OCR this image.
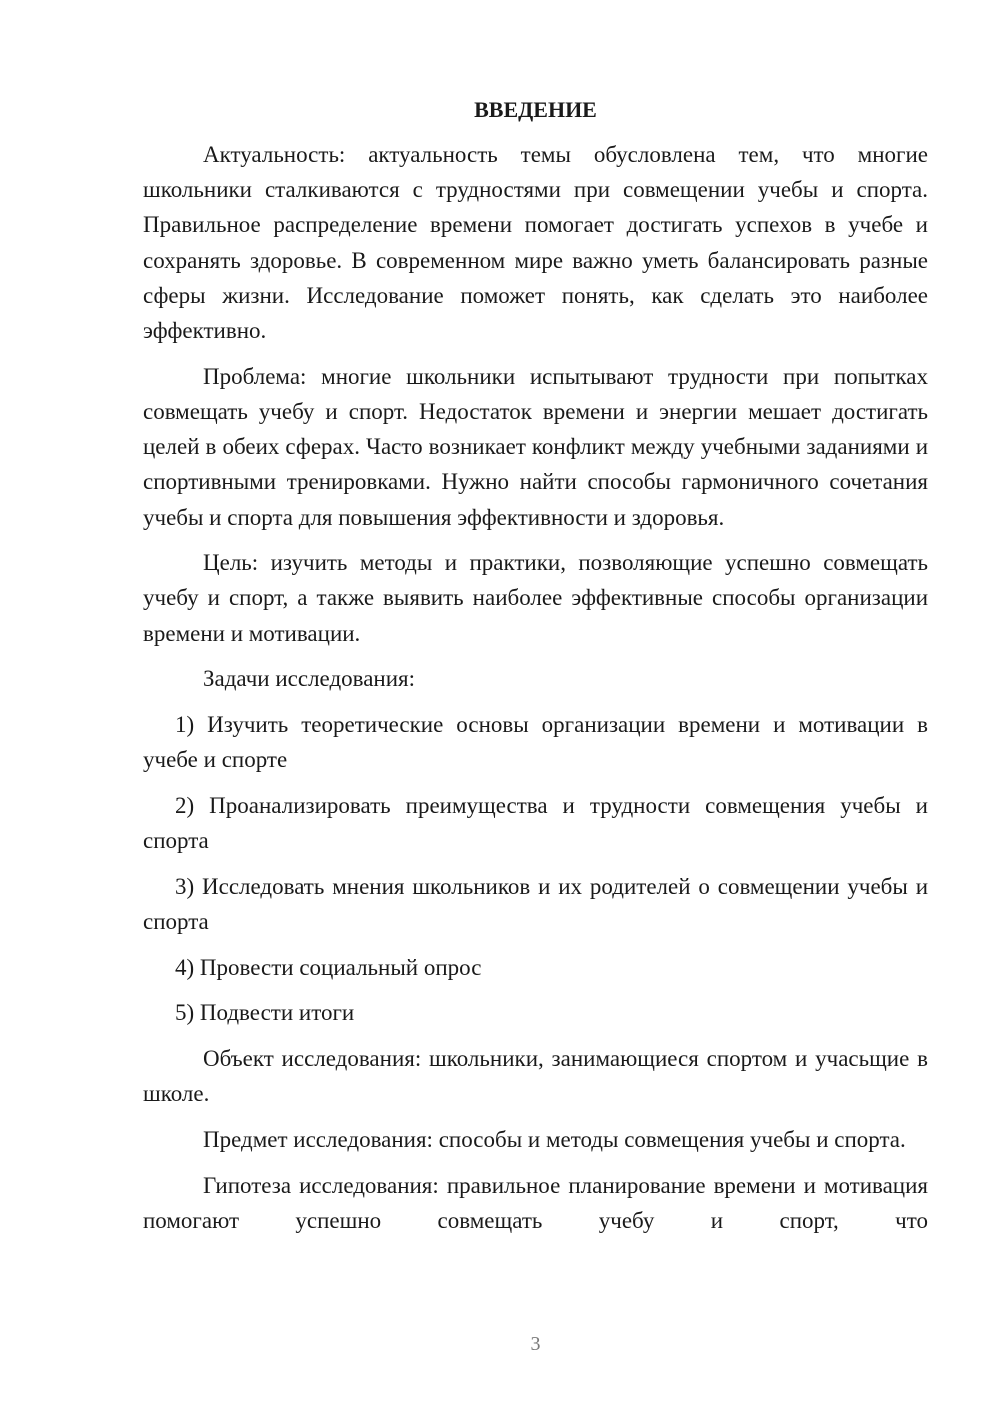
ВВЕДЕНИЕ

Актуальность: актуальность темы обусловлена тем, что многие школьники сталкиваются с трудностями при совмещении учебы и спорта. Правильное распределение времени помогает достигать успехов в учебе и сохранять здоровье. В современном мире важно уметь балансировать разные сферы жизни. Исследование поможет понять, как сделать это наиболее эффективно.

Проблема: многие школьники испытывают трудности при попытках совмещать учебу и спорт. Недостаток времени и энергии мешает достигать целей в обеих сферах. Часто возникает конфликт между учебными заданиями и спортивными тренировками. Нужно найти способы гармоничного сочетания учебы и спорта для повышения эффективности и здоровья.

Цель: изучить методы и практики, позволяющие успешно совмещать учебу и спорт, а также выявить наиболее эффективные способы организации времени и мотивации.

Задачи исследования:

1) Изучить теоретические основы организации времени и мотивации в учебе и спорте

2) Проанализировать преимущества и трудности совмещения учебы и спорта

3) Исследовать мнения школьников и их родителей о совмещении учебы и спорта

4) Провести социальный опрос

5) Подвести итоги

Объект исследования: школьники, занимающиеся спортом и учасьщие в школе.

Предмет исследования: способы и методы совмещения учебы и спорта.

Гипотеза исследования: правильное планирование времени и мотивация помогают успешно совмещать учебу и спорт, что

3
